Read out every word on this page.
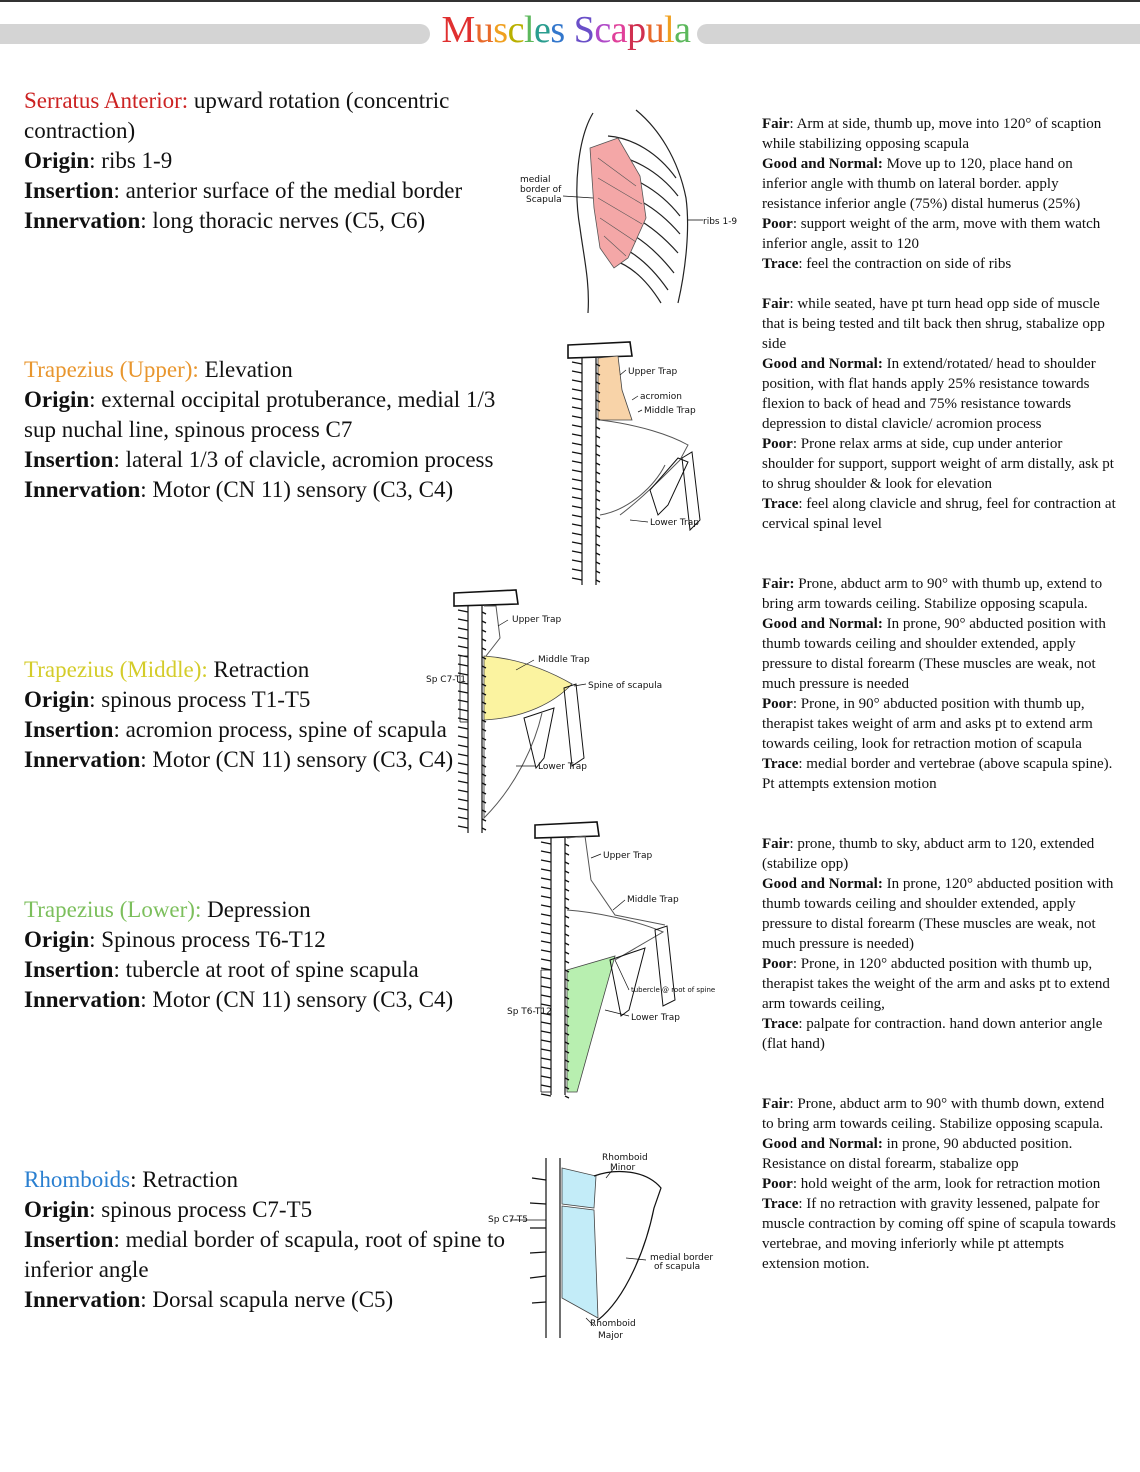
Muscles Scapula

Serratus Anterior: upward rotation (concentric contraction)

Origin: ribs 1-9

Insertion: anterior surface of the medial border

Innervation: long thoracic nerves (C5, C6)

Trapezius (Upper): Elevation

Origin: external occipital protuberance, medial 1/3 sup nuchal line, spinous process C7

Insertion: lateral 1/3 of clavicle, acromion process

Innervation: Motor (CN 11) sensory (C3, C4)

Trapezius (Middle): Retraction

Origin: spinous process T1-T5

Insertion: acromion process, spine of scapula

Innervation: Motor (CN 11) sensory (C3, C4)

Trapezius (Lower): Depression

Origin: Spinous process T6-T12

Insertion: tubercle at root of spine scapula

Innervation: Motor (CN 11) sensory (C3, C4)

Rhomboids: Retraction

Origin: spinous process C7-T5

Insertion: medial border of scapula, root of spine to inferior angle

Innervation: Dorsal scapula nerve (C5)

Fair: Arm at side, thumb up, move into 120° of scaption while stabilizing opposing scapula

Good and Normal: Move up to 120, place hand on inferior angle with thumb on lateral border. apply resistance inferior angle (75%) distal humerus (25%)

Poor: support weight of the arm, move with them watch inferior angle, assit to 120

Trace: feel the contraction on side of ribs

Fair: while seated, have pt turn head opp side of muscle that is being tested and tilt back then shrug, stabalize opp side

Good and Normal: In extend/rotated/ head to shoulder position, with flat hands apply 25% resistance towards flexion to back of head and 75% resistance towards depression to distal clavicle/ acromion process

Poor: Prone relax arms at side, cup under anterior shoulder for support, support weight of arm distally, ask pt to shrug shoulder & look for elevation

Trace: feel along clavicle and shrug, feel for contraction at cervical spinal level

Fair: Prone, abduct arm to 90° with thumb up, extend to bring arm towards ceiling. Stabilize opposing scapula.

Good and Normal: In prone, 90° abducted position with thumb towards ceiling and shoulder extended, apply pressure to distal forearm (These muscles are weak, not much pressure is needed

Poor: Prone, in 90° abducted position with thumb up, therapist takes weight of arm and asks pt to extend arm towards ceiling, look for retraction motion of scapula

Trace: medial border and vertebrae (above scapula spine). Pt attempts extension motion

Fair: prone, thumb to sky, abduct arm to 120, extended (stabilize opp)

Good and Normal: In prone, 120° abducted position with thumb towards ceiling and shoulder extended, apply pressure to distal forearm (These muscles are weak, not much pressure is needed)

Poor: Prone, in 120° abducted position with thumb up, therapist takes the weight of the arm and asks pt to extend arm towards ceiling,

Trace: palpate for contraction. hand down anterior angle (flat hand)

Fair: Prone, abduct arm to 90° with thumb down, extend to bring arm towards ceiling. Stabilize opposing scapula.

Good and Normal: in prone, 90 abducted position. Resistance on distal forearm, stabalize opp

Poor: hold weight of the arm, look for retraction motion

Trace: If no retraction with gravity lessened, palpate for muscle contraction by coming off spine of scapula towards vertebrae, and moving inferiorly while pt attempts extension motion.

medial
border of
Scapula
ribs 1-9
Upper Trap
acromion
Middle Trap
Lower Trap
Upper Trap
Middle Trap
Sp C7-T1
Spine of scapula
Lower Trap
Upper Trap
Middle Trap
tubercle @ root of spine
Lower Trap
Sp T6-T12
Rhomboid
Minor
Sp C7-T5
medial border
of scapula
Rhomboid
Major
